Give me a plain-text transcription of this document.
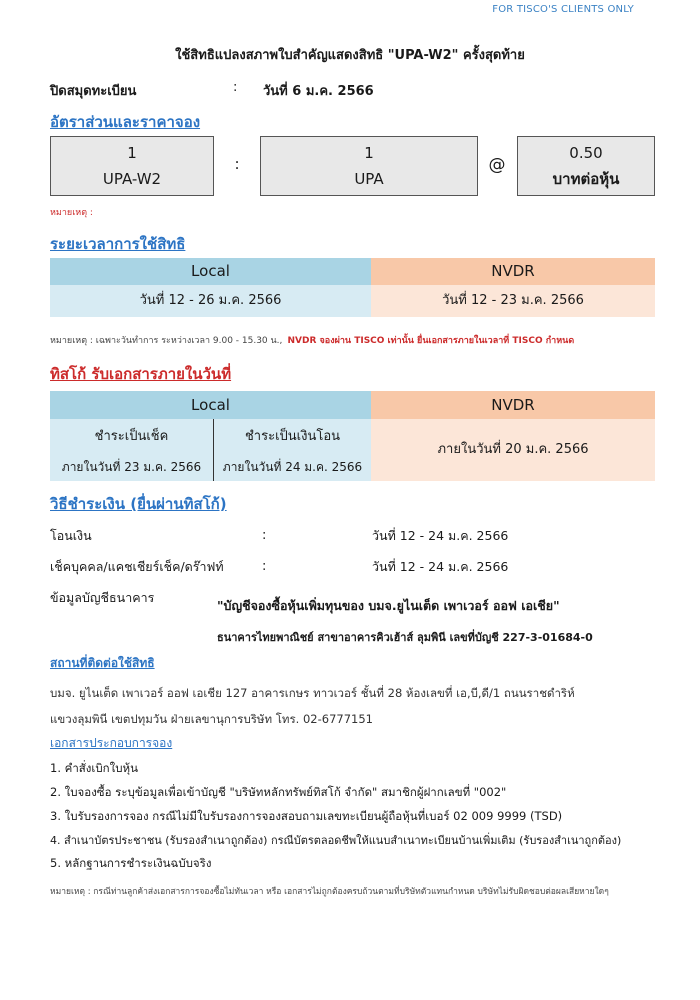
FOR TISCO'S CLIENTS ONLY
ใช้สิทธิแปลงสภาพใบสำคัญแสดงสิทธิ "UPA-W2" ครั้งสุดท้าย
ปิดสมุดทะเบียน	: วันที่ 6 ม.ค. 2566
อัตราส่วนและราคาจอง
1
UPA-W2
:
1
UPA
@
0.50
บาทต่อหุ้น
หมายเหตุ :
ระยะเวลาการใช้สิทธิ
Local	NVDR
วันที่ 12 - 26 ม.ค. 2566	วันที่ 12 - 23 ม.ค. 2566
หมายเหตุ : เฉพาะวันทำการ ระหว่างเวลา 9.00 - 15.30 น., NVDR จองผ่าน TISCO เท่านั้น ยื่นเอกสารภายในเวลาที่ TISCO กำหนด
ทิสโก้ รับเอกสารภายในวันที่
Local	NVDR
ชำระเป็นเช็ค
ภายในวันที่ 23 ม.ค. 2566
ชำระเป็นเงินโอน
ภายในวันที่ 24 ม.ค. 2566
ภายในวันที่ 20 ม.ค. 2566
วิธีชำระเงิน (ยื่นผ่านทิสโก้)
โอนเงิน	:	วันที่ 12 - 24 ม.ค. 2566
เช็คบุคคล/แคชเชียร์เช็ค/ดร๊าฟท์	:	วันที่ 12 - 24 ม.ค. 2566
ข้อมูลบัญชีธนาคาร
"บัญชีจองซื้อหุ้นเพิ่มทุนของ บมจ.ยูไนเต็ด เพาเวอร์ ออฟ เอเชีย"
ธนาคารไทยพาณิชย์ สาขาอาคารคิวเฮ้าส์ ลุมพินี เลขที่บัญชี 227-3-01684-0
สถานที่ติดต่อใช้สิทธิ
บมจ. ยูไนเต็ด เพาเวอร์ ออฟ เอเชีย 127 อาคารเกษร ทาวเวอร์ ชั้นที่ 28 ห้องเลขที่ เอ,บี,ดี/1 ถนนราชดำริห์
แขวงลุมพินี เขตปทุมวัน ฝ่ายเลขานุการบริษัท โทร. 02-6777151
เอกสารประกอบการจอง
1. คำสั่งเบิกใบหุ้น
2. ใบจองซื้อ ระบุข้อมูลเพื่อเข้าบัญชี "บริษัทหลักทรัพย์ทิสโก้ จำกัด" สมาชิกผู้ฝากเลขที่ "002"
3. ใบรับรองการจอง กรณีไม่มีใบรับรองการจองสอบถามเลขทะเบียนผู้ถือหุ้นที่เบอร์ 02 009 9999 (TSD)
4. สำเนาบัตรประชาชน (รับรองสำเนาถูกต้อง) กรณีบัตรตลอดชีพให้แนบสำเนาทะเบียนบ้านเพิ่มเติม (รับรองสำเนาถูกต้อง)
5. หลักฐานการชำระเงินฉบับจริง
หมายเหตุ : กรณีท่านลูกค้าส่งเอกสารการจองซื้อไม่ทันเวลา หรือ เอกสารไม่ถูกต้องครบถ้วนตามที่บริษัทตัวแทนกำหนด บริษัทไม่รับผิดชอบต่อผลเสียหายใดๆ
